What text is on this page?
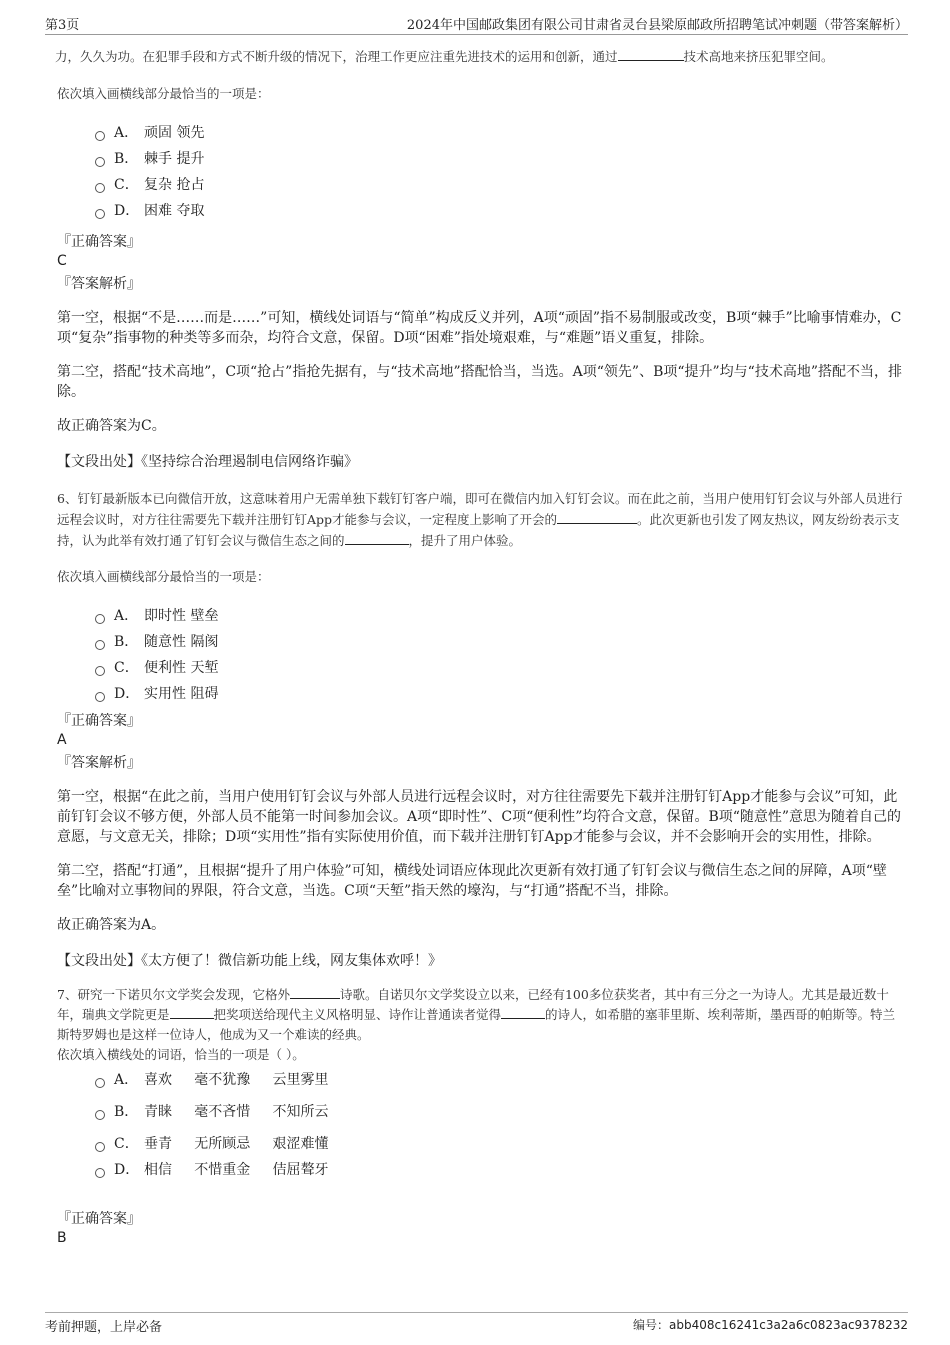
第3页	2024年中国邮政集团有限公司甘肃省灵台县梁原邮政所招聘笔试冲刺题（带答案解析）

力，久久为功。在犯罪手段和方式不断升级的情况下，治理工作更应注重先进技术的运用和创新，通过	技术高地来挤压犯罪空间。

依次填入画横线部分最恰当的一项是：
A． 顽固 领先
B． 棘手 提升
C． 复杂 抢占
D． 困难 夺取

『正确答案』

C

『答案解析』

第一空，根据“不是……而是……”可知，横线处词语与“简单”构成反义并列，A项“顽固”指不易制服或改变，B项“棘手”比喻事情难办，C项“复杂”指事物的种类等多而杂，均符合文意，保留。D项“困难”指处境艰难，与“难题”语义重复，排除。

第二空，搭配“技术高地”，C项“抢占”指抢先据有，与“技术高地”搭配恰当，当选。A项“领先”、B项“提升”均与“技术高地”搭配不当，排除。

故正确答案为C。

【文段出处】《坚持综合治理遏制电信网络诈骗》

6、钉钉最新版本已向微信开放，这意味着用户无需单独下载钉钉客户端，即可在微信内加入钉钉会议。而在此之前，当用户使用钉钉会议与外部人员进行远程会议时，对方往往需要先下载并注册钉钉App才能参与会议，一定程度上影响了开会的	。此次更新也引发了网友热议，网友纷纷表示支持，认为此举有效打通了钉钉会议与微信生态之间的	，提升了用户体验。

依次填入画横线部分最恰当的一项是：
A． 即时性 壁垒
B． 随意性 隔阂
C． 便利性 天堑
D． 实用性 阻碍

『正确答案』

A

『答案解析』

第一空，根据“在此之前，当用户使用钉钉会议与外部人员进行远程会议时，对方往往需要先下载并注册钉钉App才能参与会议”可知，此前钉钉会议不够方便，外部人员不能第一时间参加会议。A项“即时性”、C项“便利性”均符合文意，保留。B项“随意性”意思为随着自己的意愿，与文意无关，排除；D项“实用性”指有实际使用价值，而下载并注册钉钉App才能参与会议，并不会影响开会的实用性，排除。

第二空，搭配“打通”，且根据“提升了用户体验”可知，横线处词语应体现此次更新有效打通了钉钉会议与微信生态之间的屏障，A项“壁垒”比喻对立事物间的界限，符合文意，当选。C项“天堑”指天然的壕沟，与“打通”搭配不当，排除。

故正确答案为A。

【文段出处】《太方便了！微信新功能上线，网友集体欢呼！》

7、研究一下诺贝尔文学奖会发现，它格外	诗歌。自诺贝尔文学奖设立以来，已经有100多位获奖者，其中有三分之一为诗人。尤其是最近数十年，瑞典文学院更是	把奖项送给现代主义风格明显、诗作让普通读者觉得	的诗人，如希腊的塞菲里斯、埃利蒂斯，墨西哥的帕斯等。特兰斯特罗姆也是这样一位诗人，他成为又一个难读的经典。

依次填入横线处的词语，恰当的一项是（ ）。
A． 喜欢     毫不犹豫     云里雾里
B． 青睐     毫不吝惜     不知所云
C． 垂青     无所顾忌     艰涩难懂
D． 相信     不惜重金     佶屈聱牙

『正确答案』

B

考前押题，上岸必备	编号：abb408c16241c3a2a6c0823ac9378232
